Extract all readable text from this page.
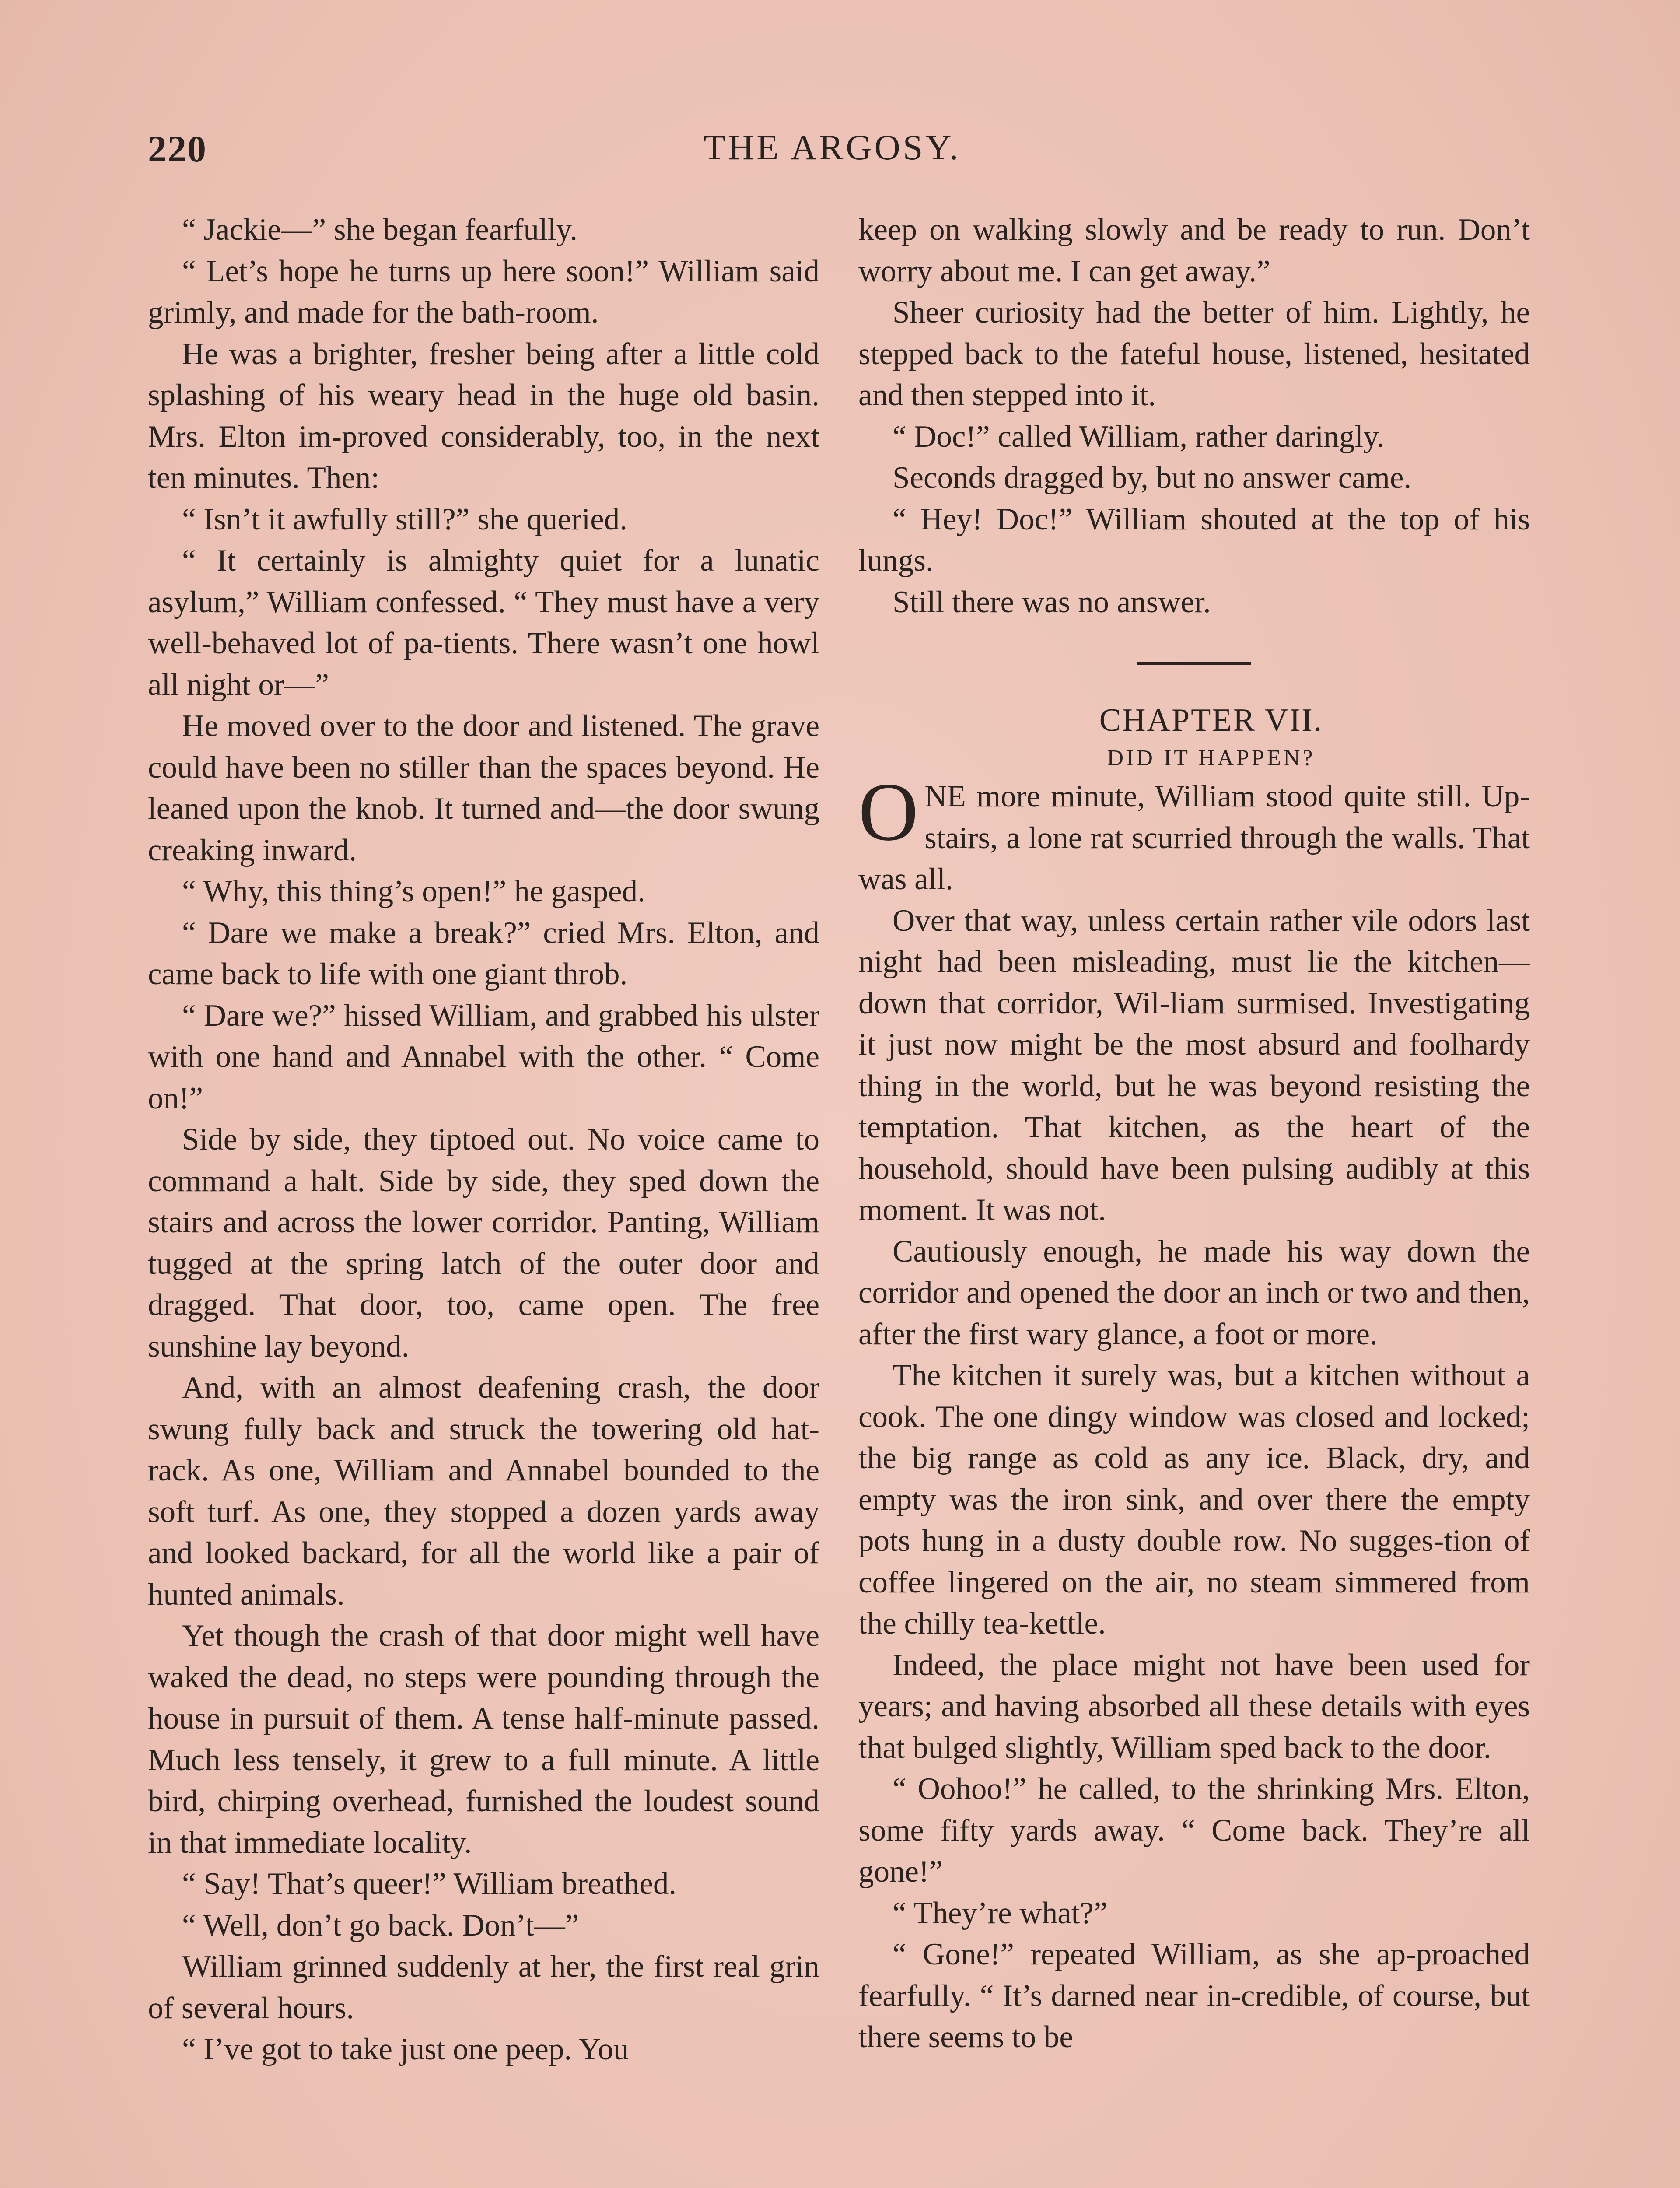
220	THE ARGOSY.

“ Jackie—” she began fearfully.

“ Let’s hope he turns up here soon!” William said grimly, and made for the bath-room.

He was a brighter, fresher being after a little cold splashing of his weary head in the huge old basin. Mrs. Elton im-proved considerably, too, in the next ten minutes. Then:

“ Isn’t it awfully still?” she queried.

“ It certainly is almighty quiet for a lunatic asylum,” William confessed. “ They must have a very well-behaved lot of pa-tients. There wasn’t one howl all night or—”

He moved over to the door and listened. The grave could have been no stiller than the spaces beyond. He leaned upon the knob. It turned and—the door swung creaking inward.

“ Why, this thing’s open!” he gasped.

“ Dare we make a break?” cried Mrs. Elton, and came back to life with one giant throb.

“ Dare we?” hissed William, and grabbed his ulster with one hand and Annabel with the other. “ Come on!”

Side by side, they tiptoed out. No voice came to command a halt. Side by side, they sped down the stairs and across the lower corridor. Panting, William tugged at the spring latch of the outer door and dragged. That door, too, came open. The free sunshine lay beyond.

And, with an almost deafening crash, the door swung fully back and struck the towering old hat-rack. As one, William and Annabel bounded to the soft turf. As one, they stopped a dozen yards away and looked backard, for all the world like a pair of hunted animals.

Yet though the crash of that door might well have waked the dead, no steps were pounding through the house in pursuit of them. A tense half-minute passed. Much less tensely, it grew to a full minute. A little bird, chirping overhead, furnished the loudest sound in that immediate locality.

“ Say! That’s queer!” William breathed.

“ Well, don’t go back. Don’t—”

William grinned suddenly at her, the first real grin of several hours.

“ I’ve got to take just one peep. You

keep on walking slowly and be ready to run. Don’t worry about me. I can get away.”

Sheer curiosity had the better of him. Lightly, he stepped back to the fateful house, listened, hesitated and then stepped into it.

“ Doc!” called William, rather daringly.

Seconds dragged by, but no answer came.

“ Hey! Doc!” William shouted at the top of his lungs.

Still there was no answer.

CHAPTER VII.

DID IT HAPPEN?

ONE more minute, William stood quite still. Up-stairs, a lone rat scurried through the walls. That was all.

Over that way, unless certain rather vile odors last night had been misleading, must lie the kitchen—down that corridor, Wil-liam surmised. Investigating it just now might be the most absurd and foolhardy thing in the world, but he was beyond resisting the temptation. That kitchen, as the heart of the household, should have been pulsing audibly at this moment. It was not.

Cautiously enough, he made his way down the corridor and opened the door an inch or two and then, after the first wary glance, a foot or more.

The kitchen it surely was, but a kitchen without a cook. The one dingy window was closed and locked; the big range as cold as any ice. Black, dry, and empty was the iron sink, and over there the empty pots hung in a dusty double row. No sugges-tion of coffee lingered on the air, no steam simmered from the chilly tea-kettle.

Indeed, the place might not have been used for years; and having absorbed all these details with eyes that bulged slightly, William sped back to the door.

“ Oohoo!” he called, to the shrinking Mrs. Elton, some fifty yards away. “ Come back. They’re all gone!”

“ They’re what?”

“ Gone!” repeated William, as she ap-proached fearfully. “ It’s darned near in-credible, of course, but there seems to be
